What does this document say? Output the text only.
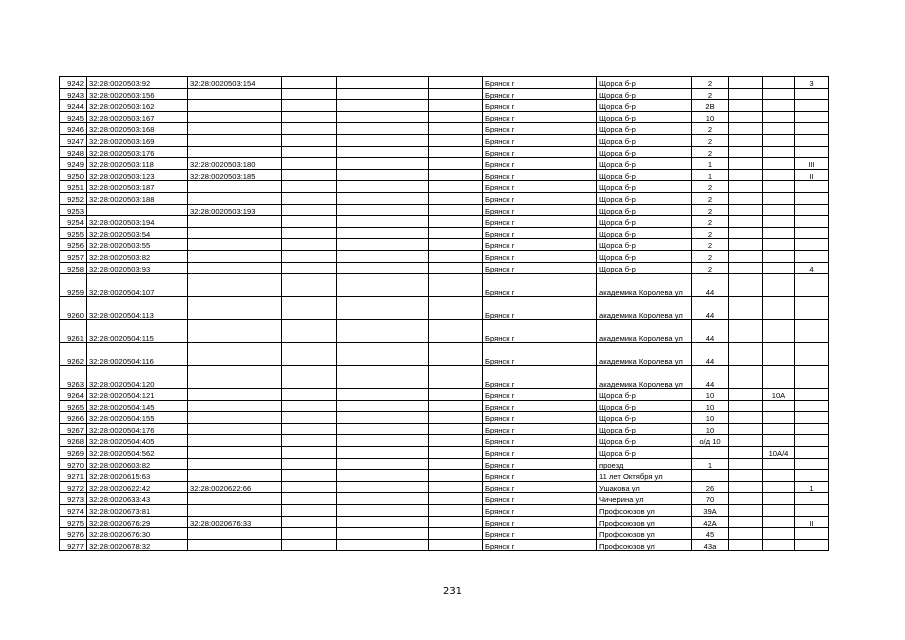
9242	32:28:0020503:92	32:28:0020503:154				Брянск г	Щорса б-р	2			3
9243	32:28:0020503:156					Брянск г	Щорса б-р	2			
9244	32:28:0020503:162					Брянск г	Щорса б-р	2В			
9245	32:28:0020503:167					Брянск г	Щорса б-р	10			
9246	32:28:0020503:168					Брянск г	Щорса б-р	2			
9247	32:28:0020503:169					Брянск г	Щорса б-р	2			
9248	32:28:0020503:176					Брянск г	Щорса б-р	2			
9249	32:28:0020503:118	32:28:0020503:180				Брянск г	Щорса б-р	1			III
9250	32:28:0020503:123	32:28:0020503:185				Брянск г	Щорса б-р	1			II
9251	32:28:0020503:187					Брянск г	Щорса б-р	2			
9252	32:28:0020503:188					Брянск г	Щорса б-р	2			
9253		32:28:0020503:193				Брянск г	Щорса б-р	2			
9254	32:28:0020503:194					Брянск г	Щорса б-р	2			
9255	32:28:0020503:54					Брянск г	Щорса б-р	2			
9256	32:28:0020503:55					Брянск г	Щорса б-р	2			
9257	32:28:0020503:82					Брянск г	Щорса б-р	2			
9258	32:28:0020503:93					Брянск г	Щорса б-р	2			4
9259	32:28:0020504:107					Брянск г	академика Королева ул	44			
9260	32:28:0020504:113					Брянск г	академика Королева ул	44			
9261	32:28:0020504:115					Брянск г	академика Королева ул	44			
9262	32:28:0020504:116					Брянск г	академика Королева ул	44			
9263	32:28:0020504:120					Брянск г	академика Королева ул	44			
9264	32:28:0020504:121					Брянск г	Щорса б-р	10		10А	
9265	32:28:0020504:145					Брянск г	Щорса б-р	10			
9266	32:28:0020504:155					Брянск г	Щорса б-р	10			
9267	32:28:0020504:176					Брянск г	Щорса б-р	10			
9268	32:28:0020504:405					Брянск г	Щорса б-р	о/д 10			
9269	32:28:0020504:562					Брянск г	Щорса б-р			10А/4	
9270	32:28:0020603:82					Брянск г	проезд	1			
9271	32:28:0020615:63					Брянск г	11 лет Октября ул				
9272	32:28:0020622:42	32:28:0020622:66				Брянск г	Ушакова ул	26			1
9273	32:28:0020633:43					Брянск г	Чичерина ул	70			
9274	32:28:0020673:81					Брянск г	Профсоюзов ул	39А			
9275	32:28:0020676:29	32:28:0020676:33				Брянск г	Профсоюзов ул	42А			II
9276	32:28:0020676:30					Брянск г	Профсоюзов ул	45			
9277	32:28:0020678:32					Брянск г	Профсоюзов ул	43а			
231
